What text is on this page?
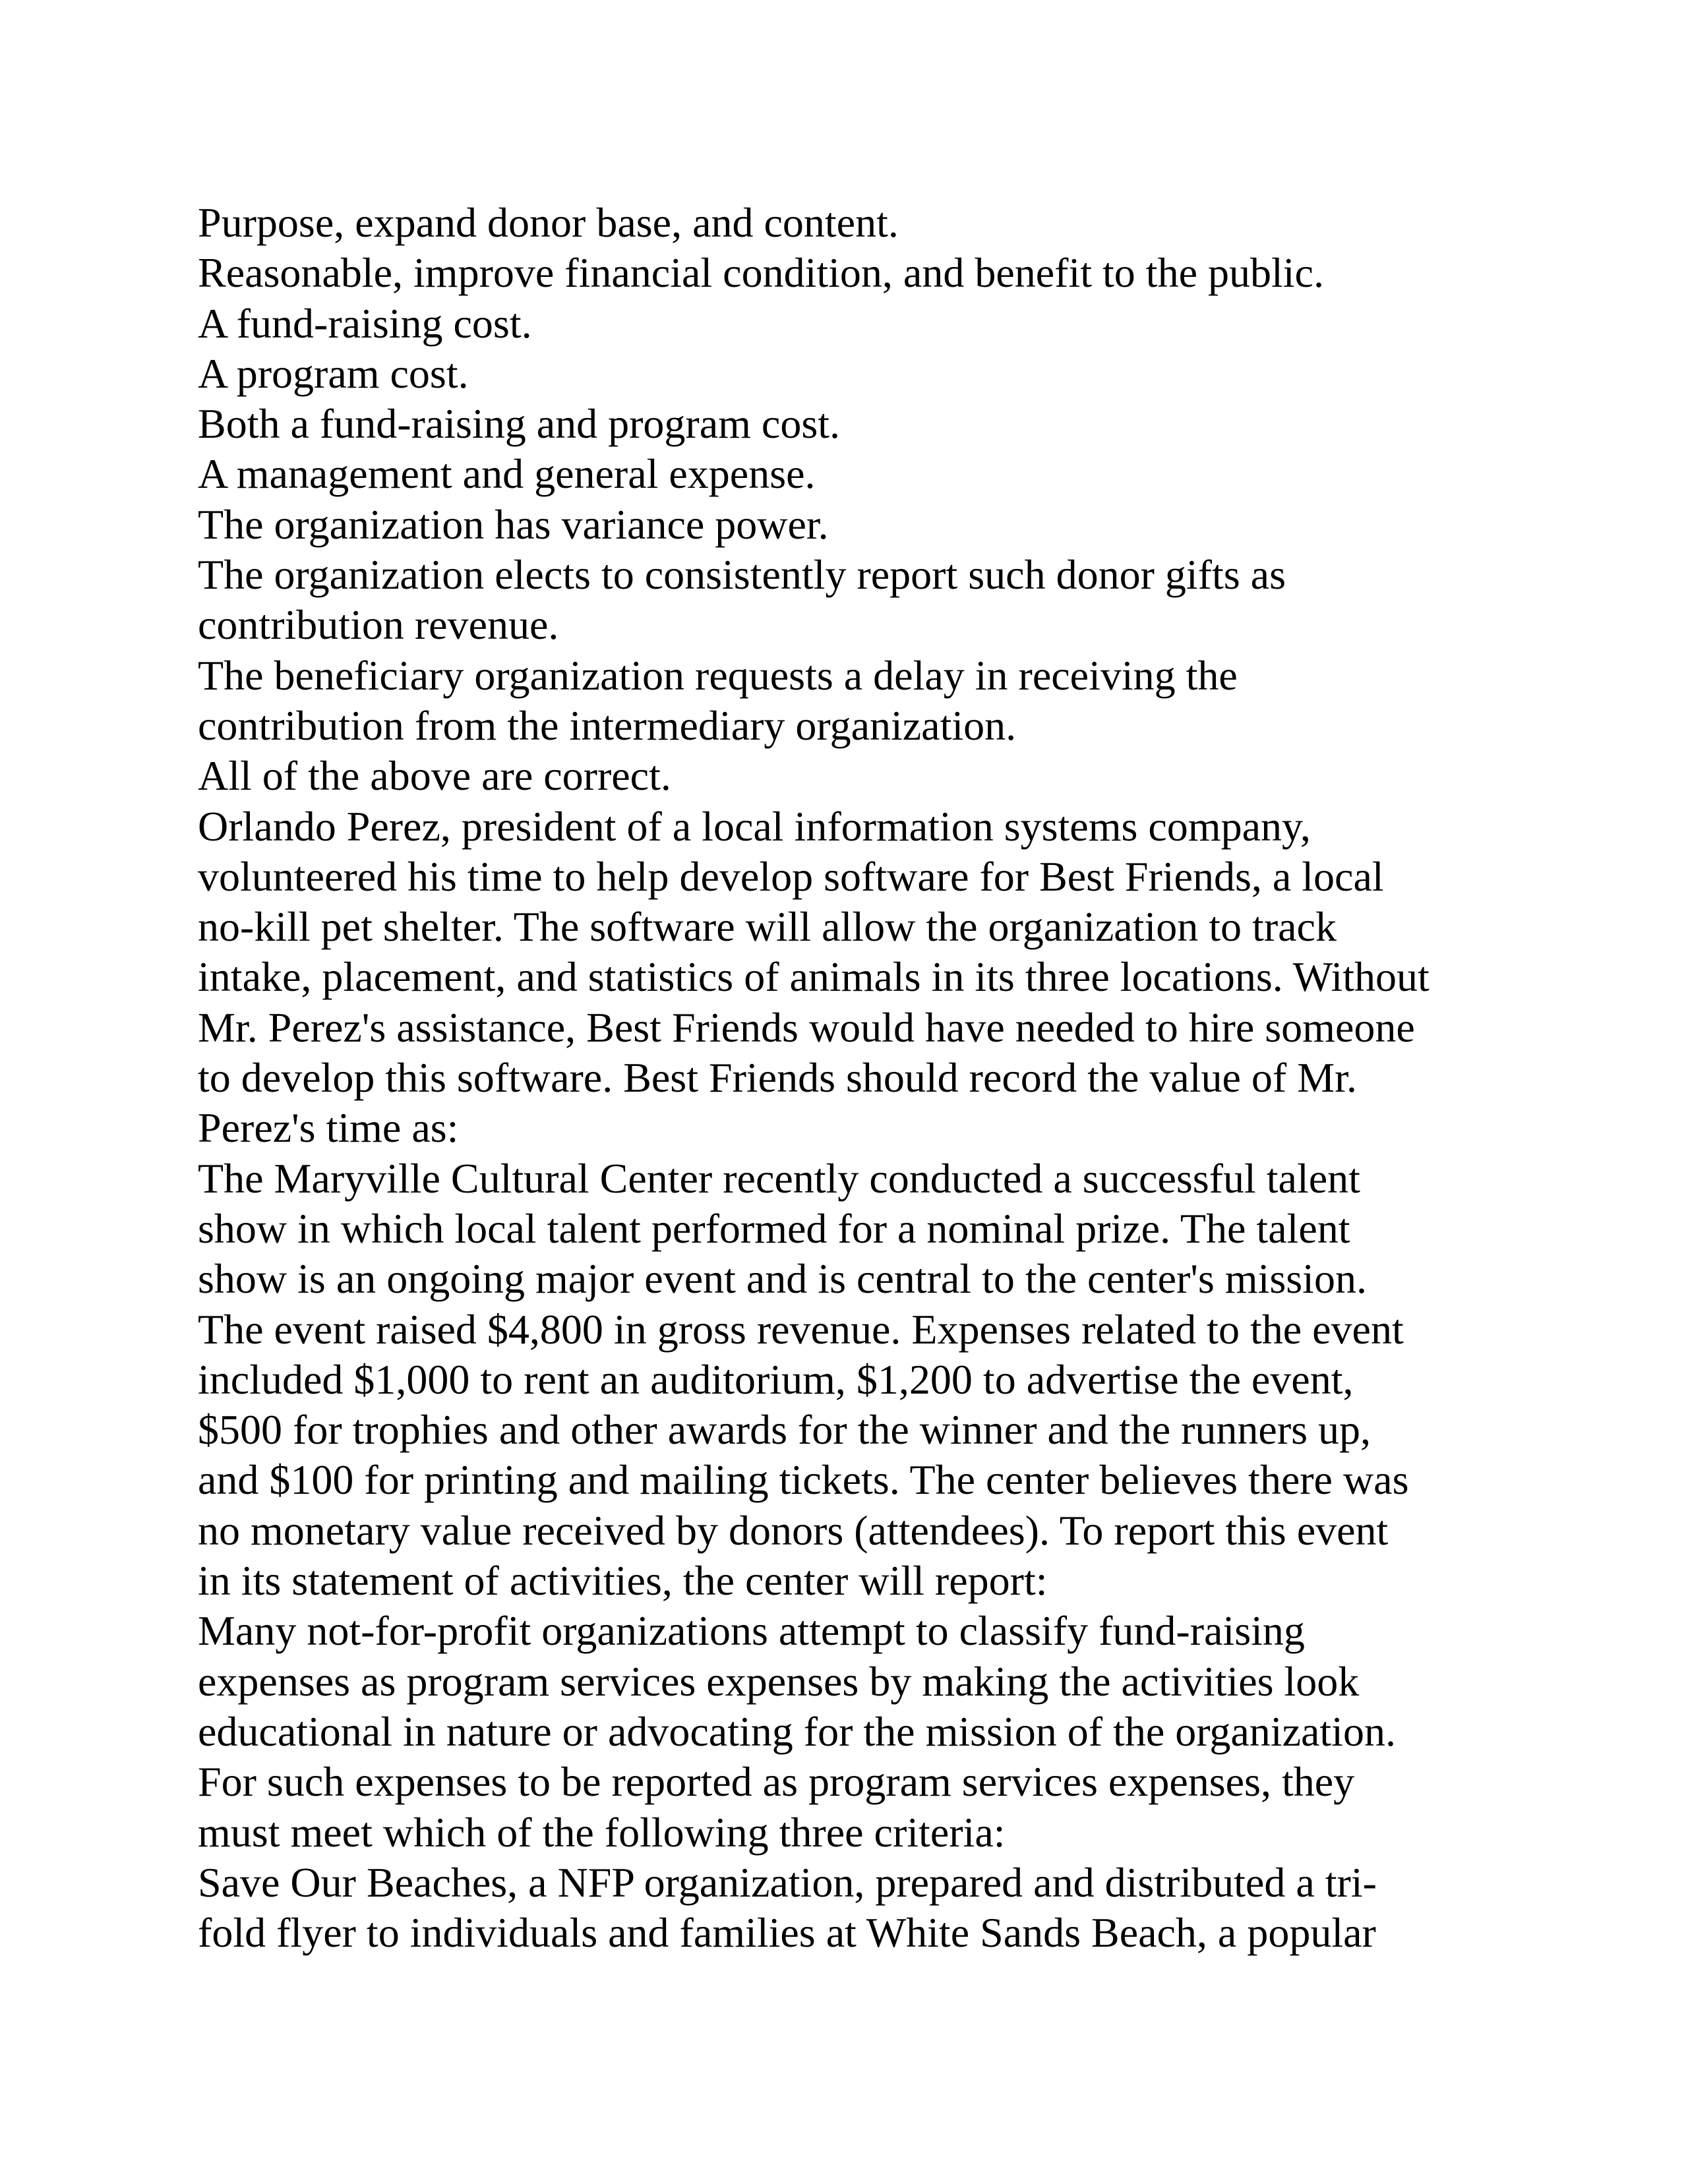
Purpose, expand donor base, and content.
Reasonable, improve financial condition, and benefit to the public.
A fund-raising cost.
A program cost.
Both a fund-raising and program cost.
A management and general expense.
The organization has variance power.
The organization elects to consistently report such donor gifts as
contribution revenue.
The beneficiary organization requests a delay in receiving the
contribution from the intermediary organization.
All of the above are correct.
Orlando Perez, president of a local information systems company,
volunteered his time to help develop software for Best Friends, a local
no-kill pet shelter. The software will allow the organization to track
intake, placement, and statistics of animals in its three locations. Without
Mr. Perez's assistance, Best Friends would have needed to hire someone
to develop this software. Best Friends should record the value of Mr.
Perez's time as:
The Maryville Cultural Center recently conducted a successful talent
show in which local talent performed for a nominal prize. The talent
show is an ongoing major event and is central to the center's mission.
The event raised $4,800 in gross revenue. Expenses related to the event
included $1,000 to rent an auditorium, $1,200 to advertise the event,
$500 for trophies and other awards for the winner and the runners up,
and $100 for printing and mailing tickets. The center believes there was
no monetary value received by donors (attendees). To report this event
in its statement of activities, the center will report:
Many not-for-profit organizations attempt to classify fund-raising
expenses as program services expenses by making the activities look
educational in nature or advocating for the mission of the organization.
For such expenses to be reported as program services expenses, they
must meet which of the following three criteria:
Save Our Beaches, a NFP organization, prepared and distributed a tri-
fold flyer to individuals and families at White Sands Beach, a popular
